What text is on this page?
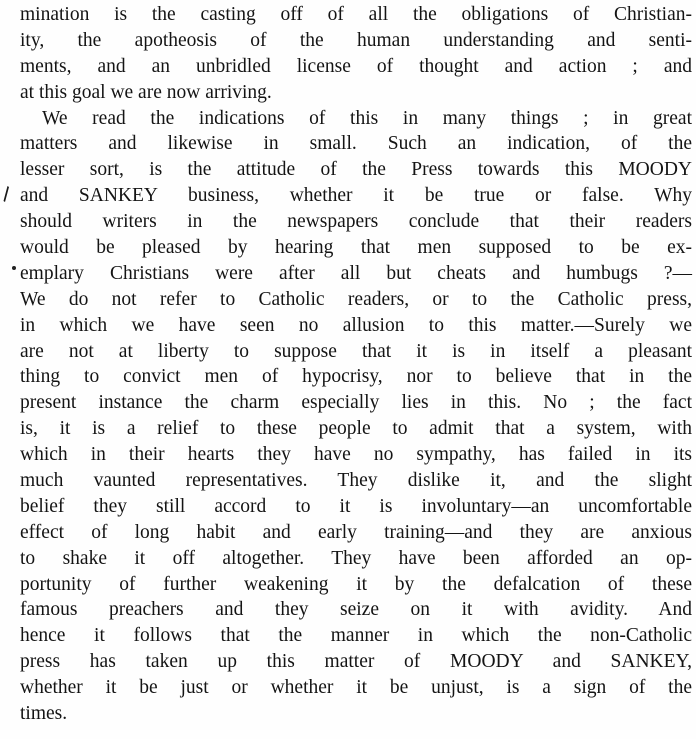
mination is the casting off of all the obligations of Christian-
ity, the apotheosis of the human understanding and senti-
ments, and an unbridled license of thought and action ; and
at this goal we are now arriving.
We read the indications of this in many things ; in great
matters and likewise in small. Such an indication, of the
lesser sort, is the attitude of the Press towards this MOODY
and SANKEY business, whether it be true or false. Why
should writers in the newspapers conclude that their readers
would be pleased by hearing that men supposed to be ex-
emplary Christians were after all but cheats and humbugs ?—
We do not refer to Catholic readers, or to the Catholic press,
in which we have seen no allusion to this matter.—Surely we
are not at liberty to suppose that it is in itself a pleasant
thing to convict men of hypocrisy, nor to believe that in the
present instance the charm especially lies in this. No ; the fact
is, it is a relief to these people to admit that a system, with
which in their hearts they have no sympathy, has failed in its
much vaunted representatives. They dislike it, and the slight
belief they still accord to it is involuntary—an uncomfortable
effect of long habit and early training—and they are anxious
to shake it off altogether. They have been afforded an op-
portunity of further weakening it by the defalcation of these
famous preachers and they seize on it with avidity. And
hence it follows that the manner in which the non-Catholic
press has taken up this matter of MOODY and SANKEY,
whether it be just or whether it be unjust, is a sign of the
times.
